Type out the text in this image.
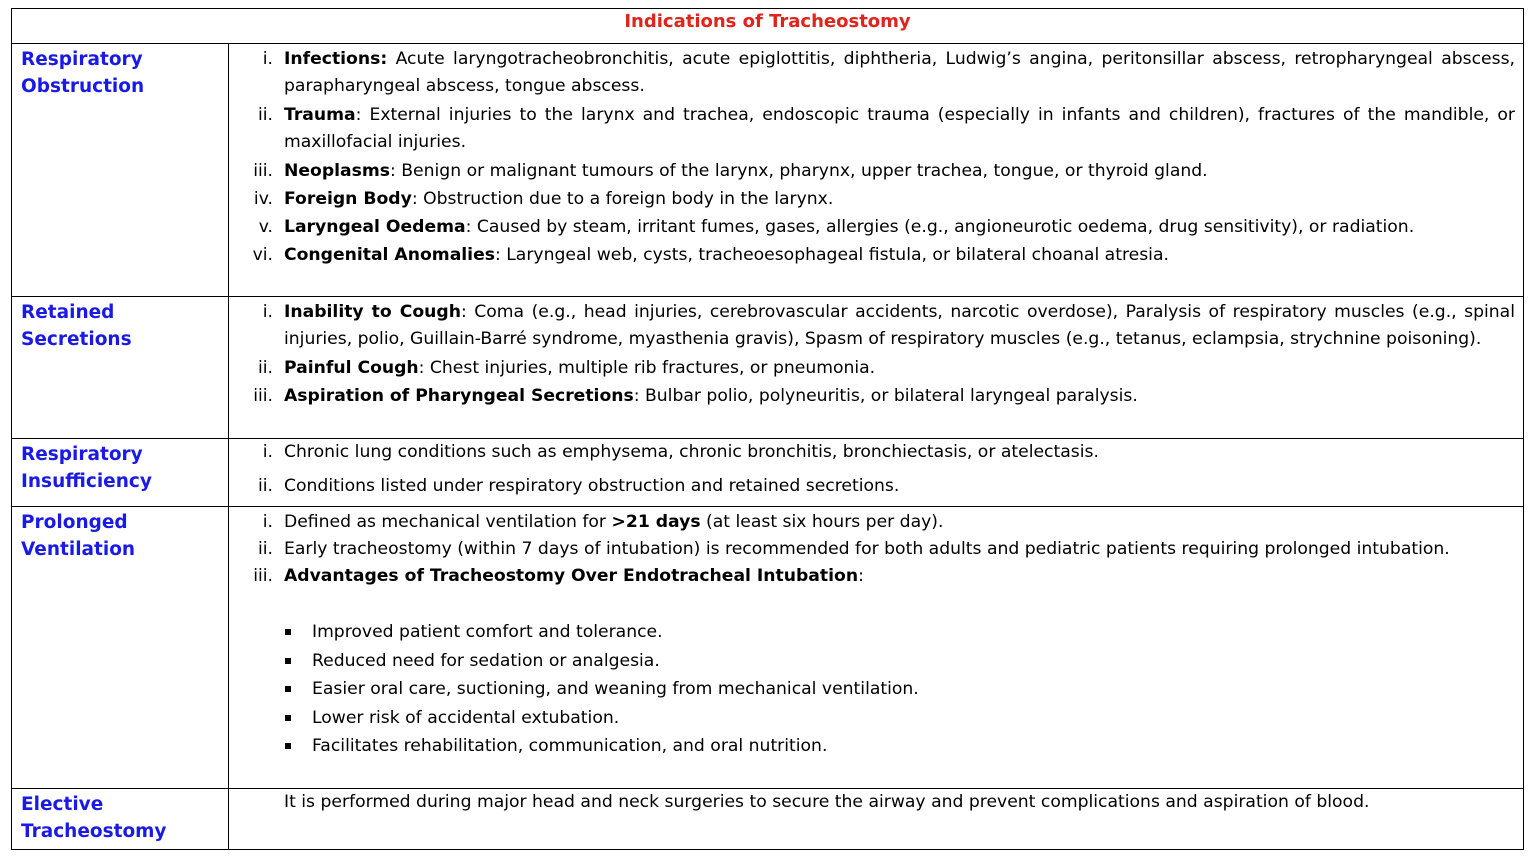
Indications of Tracheostomy
Respiratory
Obstruction
i. Infections: Acute laryngotracheobronchitis, acute epiglottitis, diphtheria, Ludwig’s angina, peritonsillar abscess, retropharyngeal abscess, parapharyngeal abscess, tongue abscess.
ii. Trauma: External injuries to the larynx and trachea, endoscopic trauma (especially in infants and children), fractures of the mandible, or maxillofacial injuries.
iii. Neoplasms: Benign or malignant tumours of the larynx, pharynx, upper trachea, tongue, or thyroid gland.
iv. Foreign Body: Obstruction due to a foreign body in the larynx.
v. Laryngeal Oedema: Caused by steam, irritant fumes, gases, allergies (e.g., angioneurotic oedema, drug sensitivity), or radiation.
vi. Congenital Anomalies: Laryngeal web, cysts, tracheoesophageal fistula, or bilateral choanal atresia.
Retained
Secretions
i. Inability to Cough: Coma (e.g., head injuries, cerebrovascular accidents, narcotic overdose), Paralysis of respiratory muscles (e.g., spinal injuries, polio, Guillain-Barré syndrome, myasthenia gravis), Spasm of respiratory muscles (e.g., tetanus, eclampsia, strychnine poisoning).
ii. Painful Cough: Chest injuries, multiple rib fractures, or pneumonia.
iii. Aspiration of Pharyngeal Secretions: Bulbar polio, polyneuritis, or bilateral laryngeal paralysis.
Respiratory
Insufficiency
i. Chronic lung conditions such as emphysema, chronic bronchitis, bronchiectasis, or atelectasis.
ii. Conditions listed under respiratory obstruction and retained secretions.
Prolonged
Ventilation
i. Defined as mechanical ventilation for >21 days (at least six hours per day).
ii. Early tracheostomy (within 7 days of intubation) is recommended for both adults and pediatric patients requiring prolonged intubation.
iii. Advantages of Tracheostomy Over Endotracheal Intubation:
Improved patient comfort and tolerance.
Reduced need for sedation or analgesia.
Easier oral care, suctioning, and weaning from mechanical ventilation.
Lower risk of accidental extubation.
Facilitates rehabilitation, communication, and oral nutrition.
Elective
Tracheostomy
It is performed during major head and neck surgeries to secure the airway and prevent complications and aspiration of blood.
